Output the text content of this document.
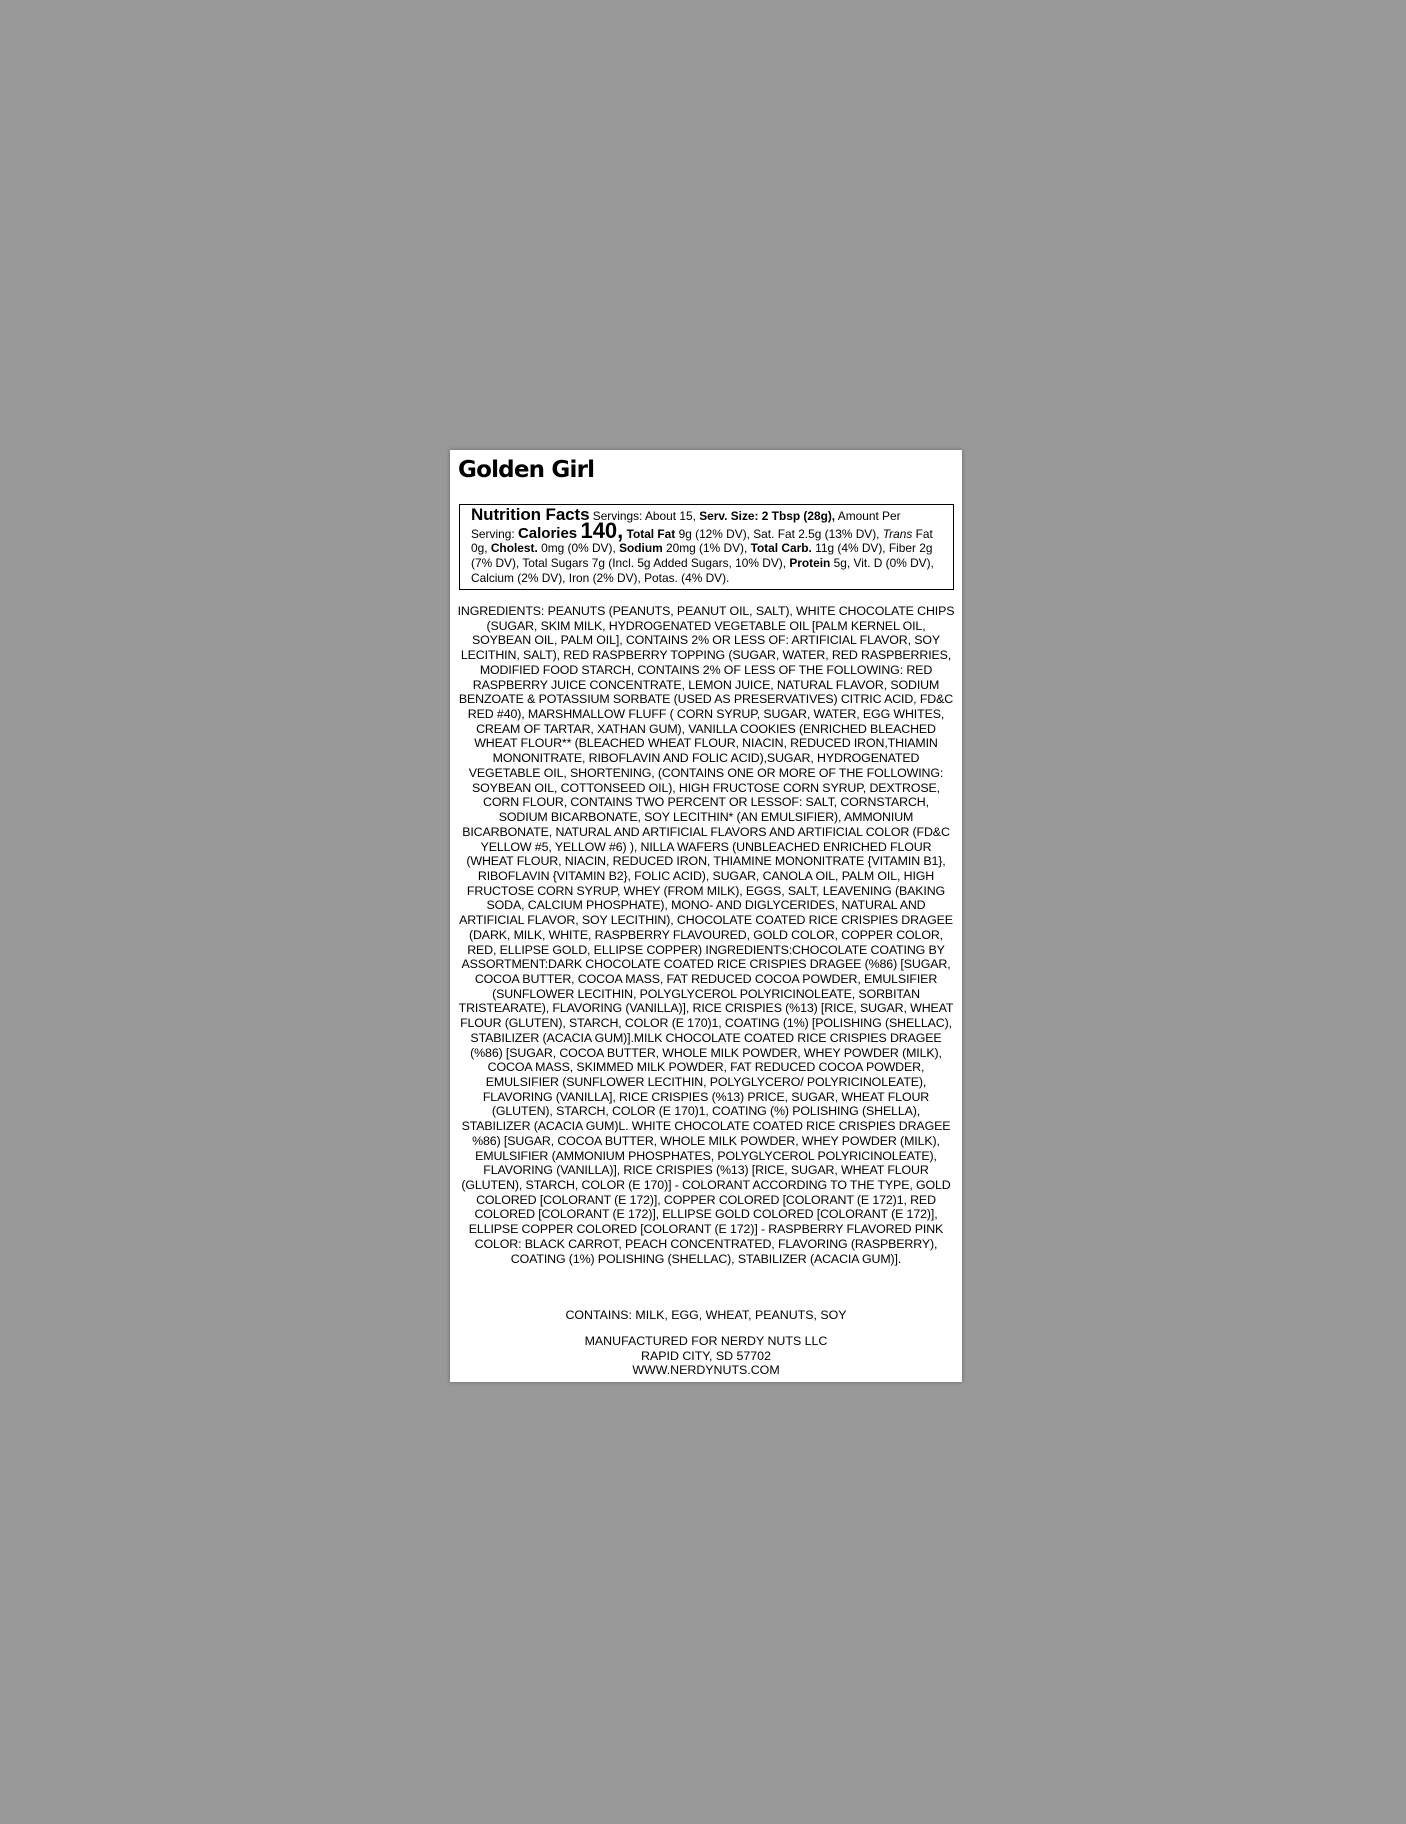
Golden Girl
Nutrition Facts Servings: About 15, Serv. Size: 2 Tbsp (28g), Amount Per Serving: Calories 140, Total Fat 9g (12% DV), Sat. Fat 2.5g (13% DV), Trans Fat 0g, Cholest. 0mg (0% DV), Sodium 20mg (1% DV), Total Carb. 11g (4% DV), Fiber 2g (7% DV), Total Sugars 7g (Incl. 5g Added Sugars, 10% DV), Protein 5g, Vit. D (0% DV), Calcium (2% DV), Iron (2% DV), Potas. (4% DV).
INGREDIENTS: PEANUTS (PEANUTS, PEANUT OIL, SALT), WHITE CHOCOLATE CHIPS (SUGAR, SKIM MILK, HYDROGENATED VEGETABLE OIL [PALM KERNEL OIL, SOYBEAN OIL, PALM OIL], CONTAINS 2% OR LESS OF: ARTIFICIAL FLAVOR, SOY LECITHIN, SALT), RED RASPBERRY TOPPING (SUGAR, WATER, RED RASPBERRIES, MODIFIED FOOD STARCH, CONTAINS 2% OF LESS OF THE FOLLOWING: RED RASPBERRY JUICE CONCENTRATE, LEMON JUICE, NATURAL FLAVOR, SODIUM BENZOATE & POTASSIUM SORBATE (USED AS PRESERVATIVES) CITRIC ACID, FD&C RED #40), MARSHMALLOW FLUFF ( CORN SYRUP, SUGAR, WATER, EGG WHITES, CREAM OF TARTAR, XATHAN GUM), VANILLA COOKIES (ENRICHED BLEACHED WHEAT FLOUR** (BLEACHED WHEAT FLOUR, NIACIN, REDUCED IRON,THIAMIN MONONITRATE, RIBOFLAVIN AND FOLIC ACID),SUGAR, HYDROGENATED VEGETABLE OIL, SHORTENING, (CONTAINS ONE OR MORE OF THE FOLLOWING: SOYBEAN OIL, COTTONSEED OIL), HIGH FRUCTOSE CORN SYRUP, DEXTROSE, CORN FLOUR, CONTAINS TWO PERCENT OR LESSOF: SALT, CORNSTARCH, SODIUM BICARBONATE, SOY LECITHIN* (AN EMULSIFIER), AMMONIUM BICARBONATE, NATURAL AND ARTIFICIAL FLAVORS AND ARTIFICIAL COLOR (FD&C YELLOW #5, YELLOW #6) ), NILLA WAFERS (UNBLEACHED ENRICHED FLOUR (WHEAT FLOUR, NIACIN, REDUCED IRON, THIAMINE MONONITRATE {VITAMIN B1}, RIBOFLAVIN {VITAMIN B2}, FOLIC ACID), SUGAR, CANOLA OIL, PALM OIL, HIGH FRUCTOSE CORN SYRUP, WHEY (FROM MILK), EGGS, SALT, LEAVENING (BAKING SODA, CALCIUM PHOSPHATE), MONO- AND DIGLYCERIDES, NATURAL AND ARTIFICIAL FLAVOR, SOY LECITHIN), CHOCOLATE COATED RICE CRISPIES DRAGEE (DARK, MILK, WHITE, RASPBERRY FLAVOURED, GOLD COLOR, COPPER COLOR, RED, ELLIPSE GOLD, ELLIPSE COPPER) INGREDIENTS:CHOCOLATE COATING BY ASSORTMENT:DARK CHOCOLATE COATED RICE CRISPIES DRAGEE (%86) [SUGAR, COCOA BUTTER, COCOA MASS, FAT REDUCED COCOA POWDER, EMULSIFIER (SUNFLOWER LECITHIN, POLYGLYCEROL POLYRICINOLEATE, SORBITAN TRISTEARATE), FLAVORING (VANILLA)], RICE CRISPIES (%13) [RICE, SUGAR, WHEAT FLOUR (GLUTEN), STARCH, COLOR (E 170)1, COATING (1%) [POLISHING (SHELLAC), STABILIZER (ACACIA GUM)].MILK CHOCOLATE COATED RICE CRISPIES DRAGEE (%86) [SUGAR, COCOA BUTTER, WHOLE MILK POWDER, WHEY POWDER (MILK), COCOA MASS, SKIMMED MILK POWDER, FAT REDUCED COCOA POWDER, EMULSIFIER (SUNFLOWER LECITHIN, POLYGLYCERO/ POLYRICINOLEATE), FLAVORING (VANILLA], RICE CRISPIES (%13) PRICE, SUGAR, WHEAT FLOUR (GLUTEN), STARCH, COLOR (E 170)1, COATING (%) POLISHING (SHELLA), STABILIZER (ACACIA GUM)L. WHITE CHOCOLATE COATED RICE CRISPIES DRAGEE %86) [SUGAR, COCOA BUTTER, WHOLE MILK POWDER, WHEY POWDER (MILK), EMULSIFIER (AMMONIUM PHOSPHATES, POLYGLYCEROL POLYRICINOLEATE), FLAVORING (VANILLA)], RICE CRISPIES (%13) [RICE, SUGAR, WHEAT FLOUR (GLUTEN), STARCH, COLOR (E 170)] - COLORANT ACCORDING TO THE TYPE, GOLD COLORED [COLORANT (E 172)], COPPER COLORED [COLORANT (E 172)1, RED COLORED [COLORANT (E 172)], ELLIPSE GOLD COLORED [COLORANT (E 172)], ELLIPSE COPPER COLORED [COLORANT (E 172)] - RASPBERRY FLAVORED PINK COLOR: BLACK CARROT, PEACH CONCENTRATED, FLAVORING (RASPBERRY), COATING (1%) POLISHING (SHELLAC), STABILIZER (ACACIA GUM)].
CONTAINS: MILK, EGG, WHEAT, PEANUTS, SOY
MANUFACTURED FOR NERDY NUTS LLC
RAPID CITY, SD 57702
WWW.NERDYNUTS.COM
